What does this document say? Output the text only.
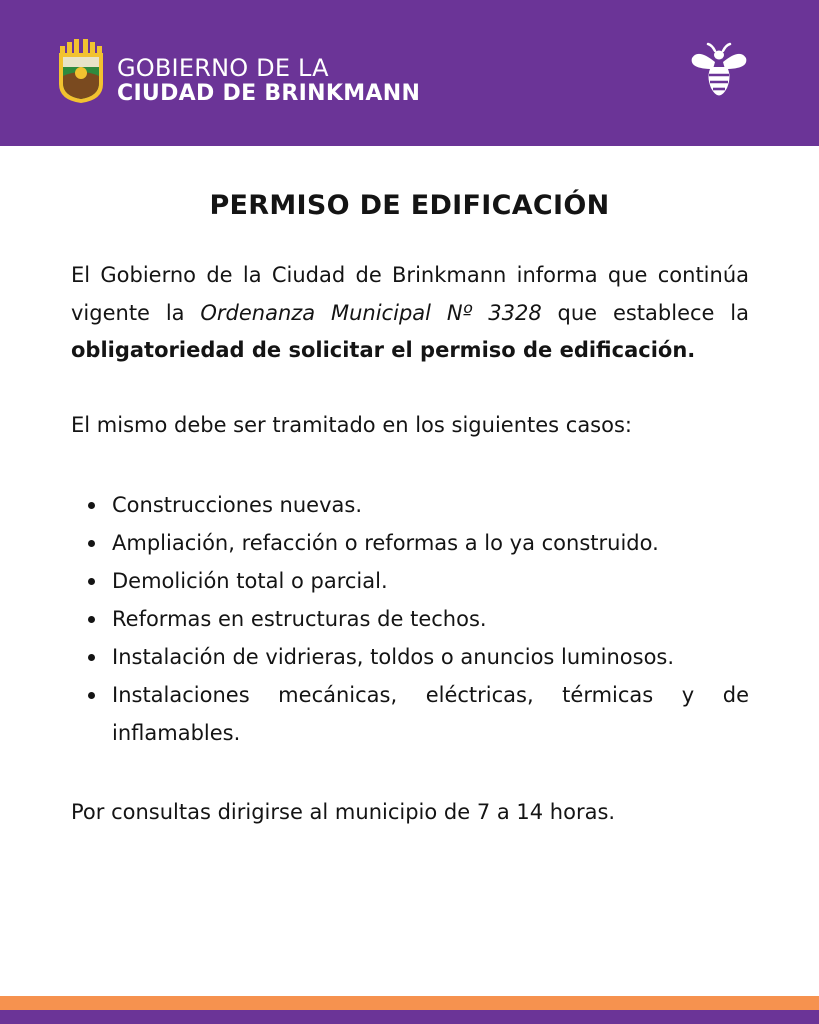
GOBIERNO DE LA
CIUDAD DE BRINKMANN
PERMISO DE EDIFICACIÓN

El Gobierno de la Ciudad de Brinkmann informa que continúa vigente la Ordenanza Municipal Nº 3328 que establece la obligatoriedad de solicitar el permiso de edificación.

El mismo debe ser tramitado en los siguientes casos:

Construcciones nuevas.
Ampliación, refacción o reformas a lo ya construido.
Demolición total o parcial.
Reformas en estructuras de techos.
Instalación de vidrieras, toldos o anuncios luminosos.
Instalaciones mecánicas, eléctricas, térmicas y de inflamables.

Por consultas dirigirse al municipio de 7 a 14 horas.
